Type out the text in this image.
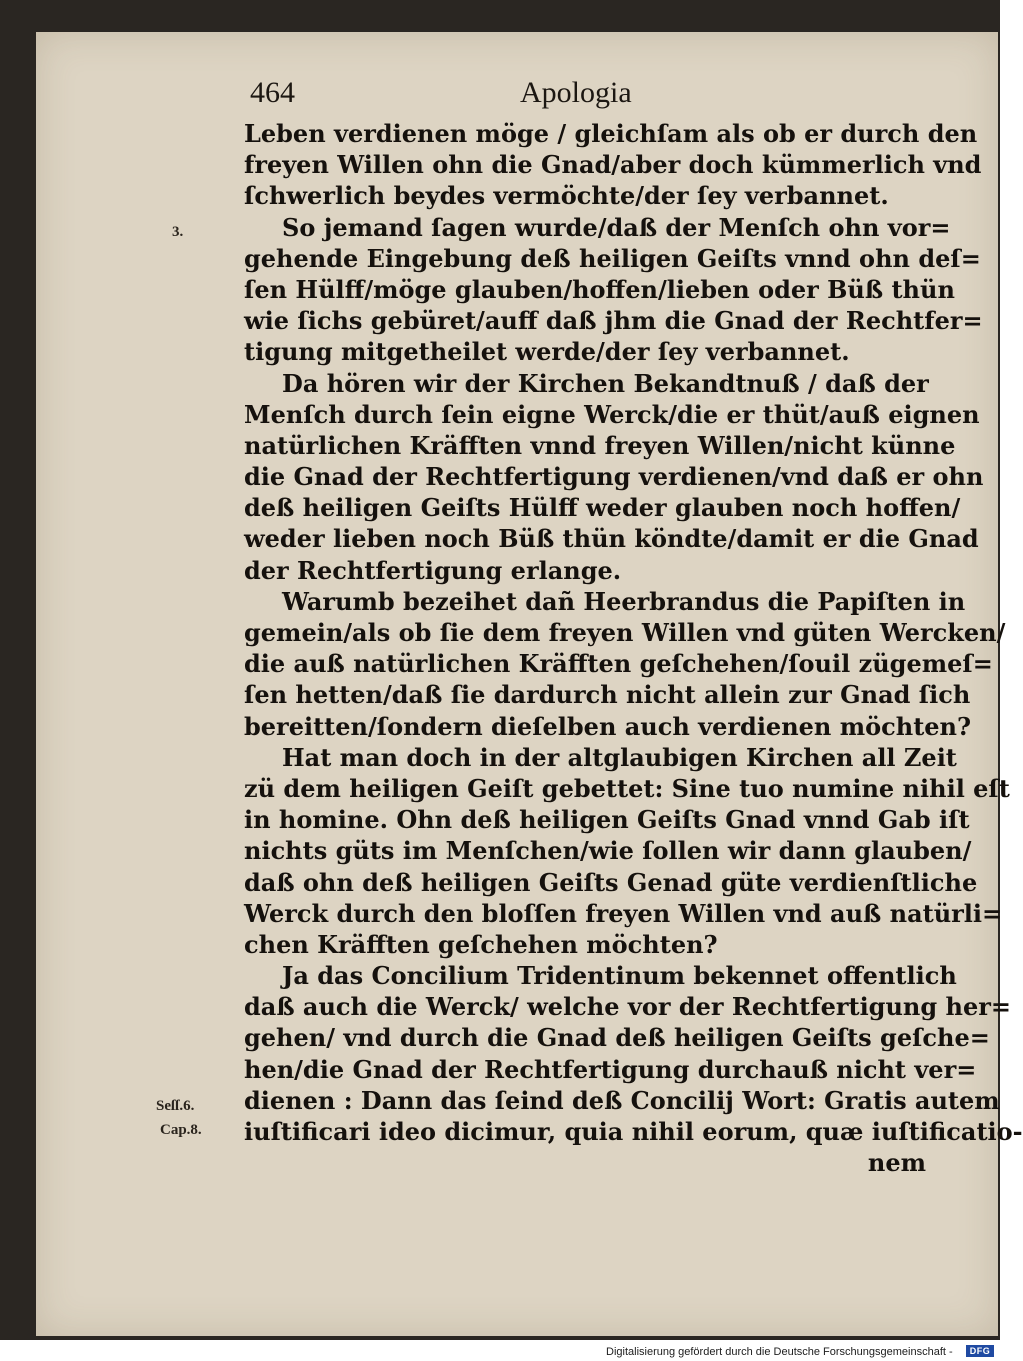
464	Apologia
3.
Seſſ.6.
Cap.8.
Leben verdienen möge / gleichſam als ob er durch den
freyen Willen ohn die Gnad/aber doch kümmerlich vnd
ſchwerlich beydes vermöchte/der ſey verbannet.
So jemand ſagen wurde/daß der Menſch ohn vor=
gehende Eingebung deß heiligen Geiſts vnnd ohn deſ=
ſen Hülff/möge glauben/hoffen/lieben oder Büß thün
wie ſichs gebüret/auff daß jhm die Gnad der Rechtfer=
tigung mitgetheilet werde/der ſey verbannet.
Da hören wir der Kirchen Bekandtnuß / daß der
Menſch durch ſein eigne Werck/die er thüt/auß eignen
natürlichen Kräfften vnnd freyen Willen/nicht künne
die Gnad der Rechtfertigung verdienen/vnd daß er ohn
deß heiligen Geiſts Hülff weder glauben noch hoffen/
weder lieben noch Büß thün köndte/damit er die Gnad
der Rechtfertigung erlange.
Warumb bezeihet dañ Heerbrandus die Papiſten in
gemein/als ob ſie dem freyen Willen vnd güten Wercken/
die auß natürlichen Kräfften geſchehen/ſouil zügemeſ=
ſen hetten/daß ſie dardurch nicht allein zur Gnad ſich
bereitten/ſondern dieſelben auch verdienen möchten?
Hat man doch in der altglaubigen Kirchen all Zeit
zü dem heiligen Geiſt gebettet: Sine tuo numine nihil eſt
in homine. Ohn deß heiligen Geiſts Gnad vnnd Gab iſt
nichts güts im Menſchen/wie ſollen wir dann glauben/
daß ohn deß heiligen Geiſts Genad güte verdienſtliche
Werck durch den bloſſen freyen Willen vnd auß natürli=
chen Kräfften geſchehen möchten?
Ja das Concilium Tridentinum bekennet offentlich
daß auch die Werck/ welche vor der Rechtfertigung her=
gehen/ vnd durch die Gnad deß heiligen Geiſts geſche=
hen/die Gnad der Rechtfertigung durchauß nicht ver=
dienen : Dann das ſeind deß Concilij Wort: Gratis autem
iuſtificari ideo dicimur, quia nihil eorum, quæ iuſtificatio-
nem
Digitalisierung gefördert durch die Deutsche Forschungsgemeinschaft -	DFG
